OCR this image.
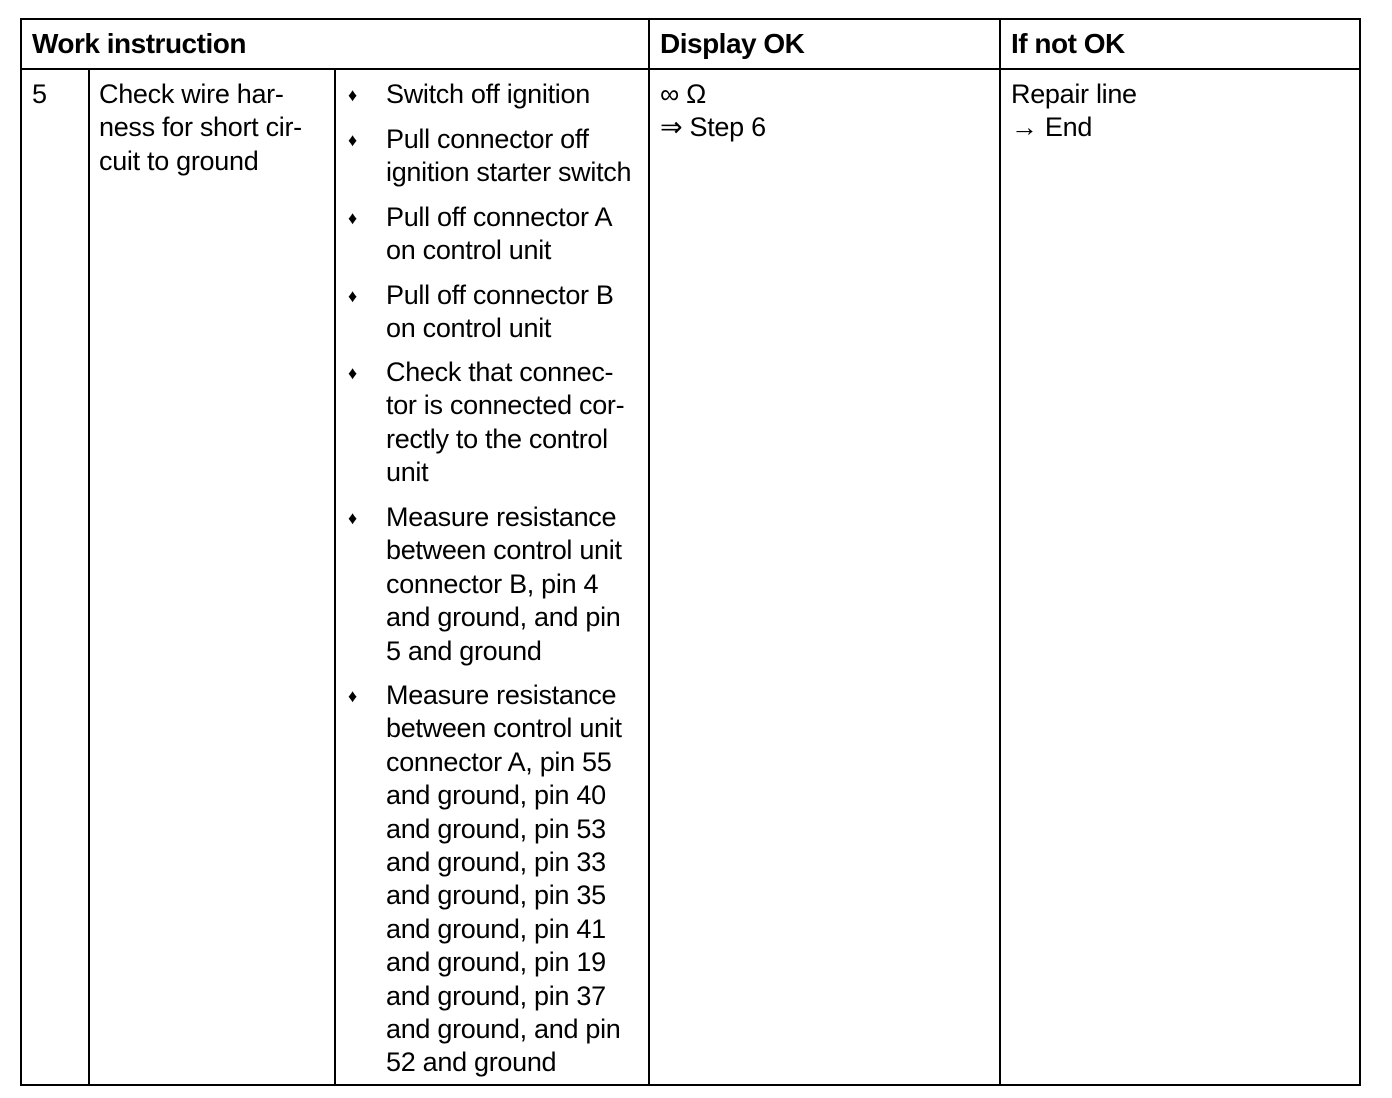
Work instruction	Display OK	If not OK
5 Check wire har-
ness for short cir-
cuit to ground
♦ Switch off ignition
♦ Pull connector off
ignition starter switch
♦ Pull off connector A
on control unit
♦ Pull off connector B
on control unit
♦ Check that connec-
tor is connected cor-
rectly to the control
unit
♦ Measure resistance
between control unit
connector B, pin 4
and ground, and pin
5 and ground
♦ Measure resistance
between control unit
connector A, pin 55
and ground, pin 40
and ground, pin 53
and ground, pin 33
and ground, pin 35
and ground, pin 41
and ground, pin 19
and ground, pin 37
and ground, and pin
52 and ground
∞ Ω
⇒ Step 6
Repair line
→ End
